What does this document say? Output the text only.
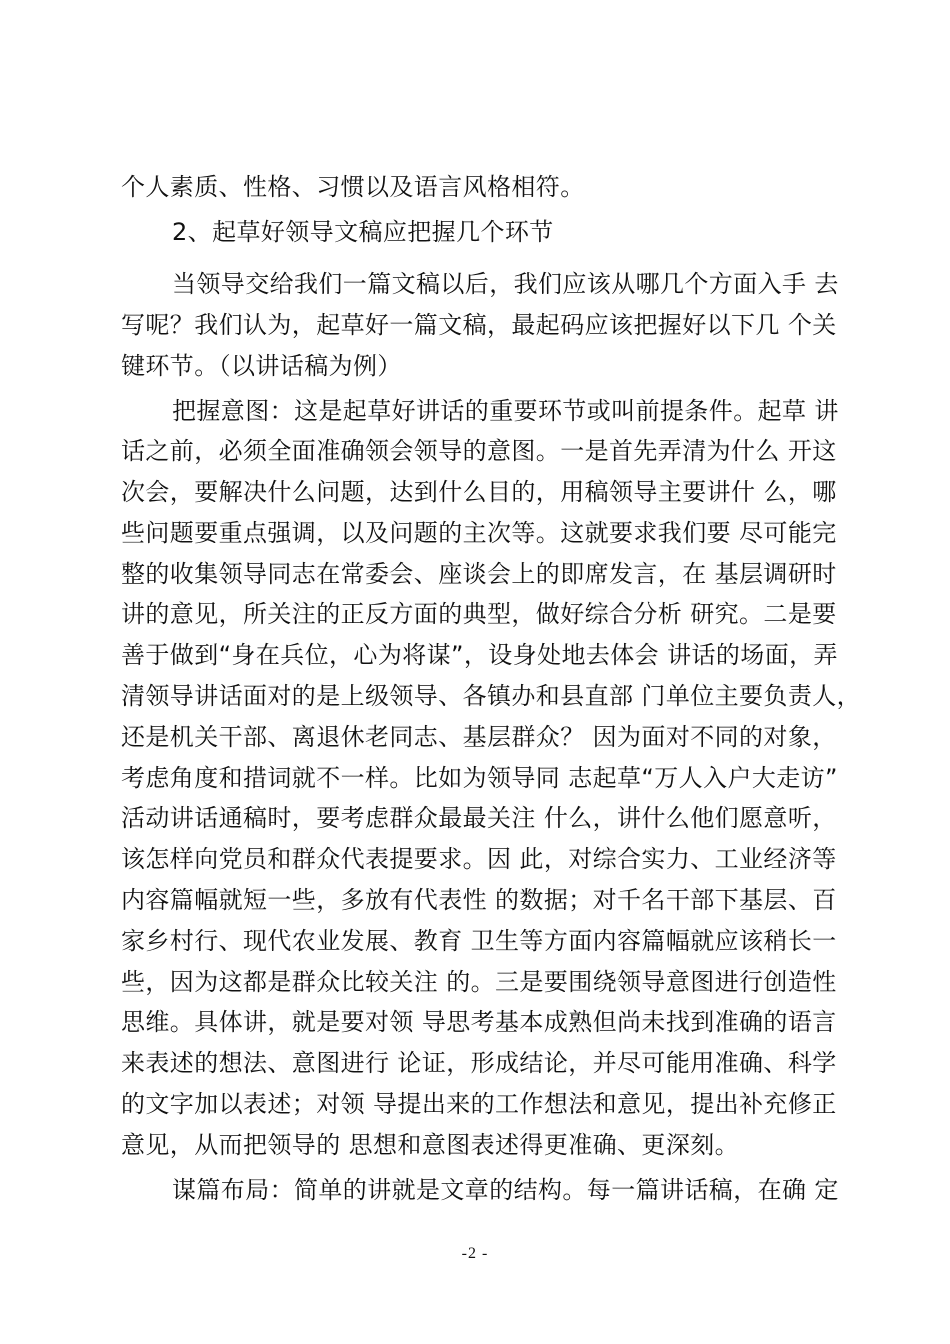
个人素质、性格、习惯以及语言风格相符。
2、起草好领导文稿应把握几个环节
当领导交给我们一篇文稿以后，我们应该从哪几个方面入手 去
写呢？我们认为，起草好一篇文稿，最起码应该把握好以下几 个关
键环节。（以讲话稿为例）
把握意图：这是起草好讲话的重要环节或叫前提条件。起草 讲
话之前，必须全面准确领会领导的意图。一是首先弄清为什么 开这
次会，要解决什么问题，达到什么目的，用稿领导主要讲什 么，哪
些问题要重点强调，以及问题的主次等。这就要求我们要 尽可能完
整的收集领导同志在常委会、座谈会上的即席发言，在 基层调研时
讲的意见，所关注的正反方面的典型，做好综合分析 研究。二是要
善于做到“身在兵位，心为将谋”，设身处地去体会 讲话的场面，弄
清领导讲话面对的是上级领导、各镇办和县直部 门单位主要负责人，
还是机关干部、离退休老同志、基层群众？ 因为面对不同的对象，
考虑角度和措词就不一样。比如为领导同 志起草“万人入户大走访”
活动讲话通稿时，要考虑群众最最关注 什么，讲什么他们愿意听，
该怎样向党员和群众代表提要求。因 此，对综合实力、工业经济等
内容篇幅就短一些，多放有代表性 的数据；对千名干部下基层、百
家乡村行、现代农业发展、教育 卫生等方面内容篇幅就应该稍长一
些，因为这都是群众比较关注 的。三是要围绕领导意图进行创造性
思维。具体讲，就是要对领 导思考基本成熟但尚未找到准确的语言
来表述的想法、意图进行 论证，形成结论，并尽可能用准确、科学
的文字加以表述；对领 导提出来的工作想法和意见，提出补充修正
意见，从而把领导的 思想和意图表述得更准确、更深刻。
谋篇布局：简单的讲就是文章的结构。每一篇讲话稿，在确 定
-2 -
